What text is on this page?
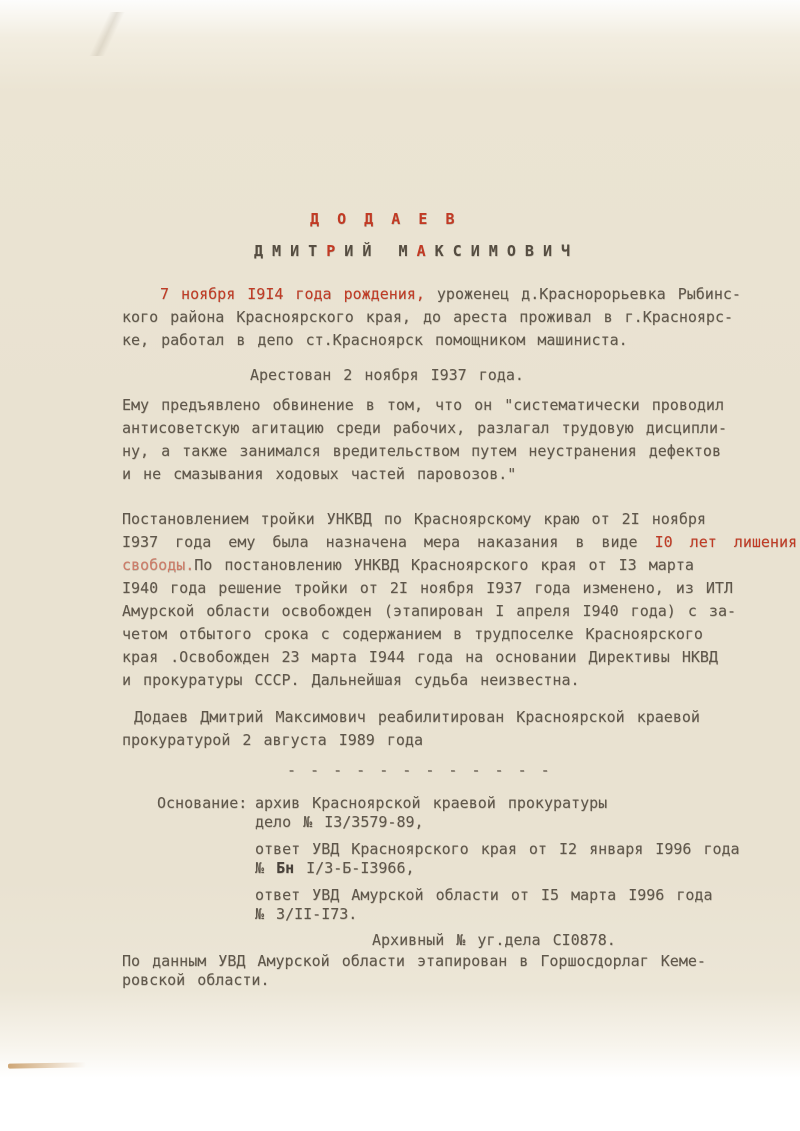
Д  О  Д  А  Е  В
Д М И Т Р И Й   М А К С И М О В И Ч
7 ноября I9I4 года рождения, уроженец д.Краснорорьевка Рыбинс-
кого района Красноярского края, до ареста проживал в г.Красноярс-
ке, работал в депо ст.Красноярск помощником машиниста.
Арестован 2 ноября I937 года.
Ему предъявлено обвинение в том, что он "систематически проводил
антисоветскую агитацию среди рабочих, разлагал трудовую дисципли-
ну, а также занимался вредительством путем неустранения дефектов
и не смазывания ходовых частей паровозов."
Постановлением тройки УНКВД по Красноярскому краю от 2I ноября
I937 года ему была назначена мера наказания в виде I0 лет лишения
свободы.По постановлению УНКВД Красноярского края от I3 марта
I940 года решение тройки от 2I ноября I937 года изменено, из ИТЛ
Амурской области освобожден (этапирован I апреля I940 года) с за-
четом отбытого срока с содержанием в трудпоселке Красноярского
края .Освобожден 23 марта I944 года на основании Директивы НКВД
и прокуратуры СССР. Дальнейшая судьба неизвестна.
Додаев Дмитрий Максимович реабилитирован Красноярской краевой
прокуратурой 2 августа I989 года
- - - - - - - - - - - -
Основание: архив Красноярской краевой прокуратуры
дело № I3/3579-89,
ответ УВД Красноярского края от I2 января I996 года
№ Бн I/3-Б-I3966,
ответ УВД Амурской области от I5 марта I996 года
№ 3/II-I73.
Архивный № уг.дела СI0878.
По данным УВД Амурской области этапирован в Горшосдорлаг Кеме-
ровской области.
